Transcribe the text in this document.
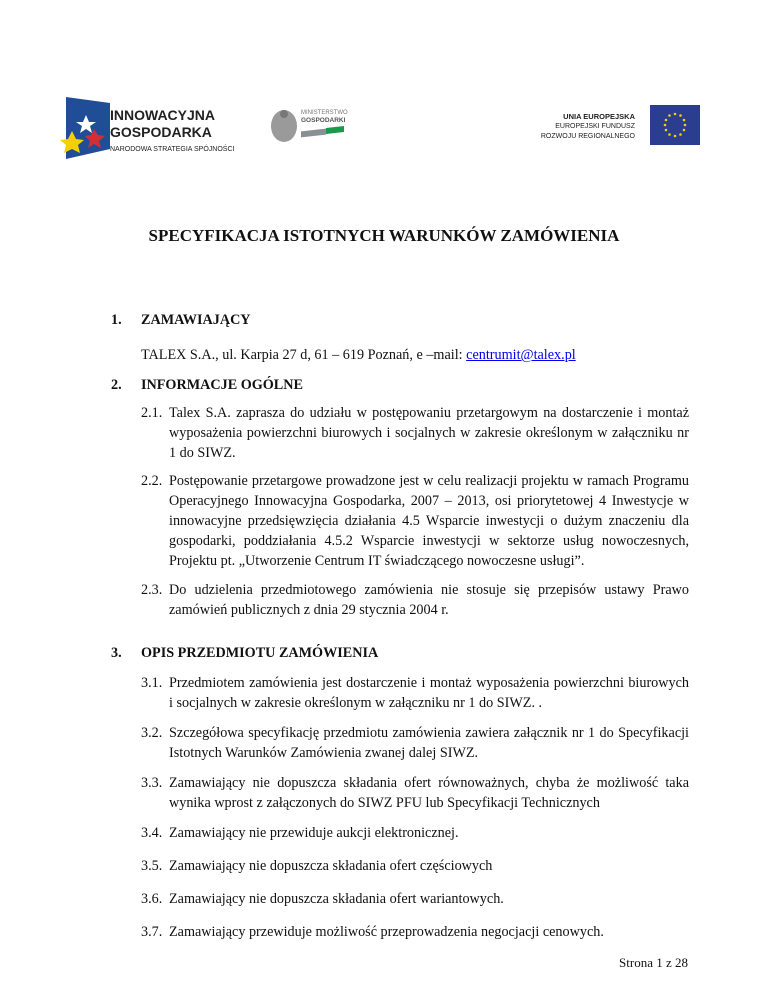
INNOWACYJNA
GOSPODARKA
NARODOWA STRATEGIA SPÓJNOŚCI
MINISTERSTWO
GOSPODARKI	UNIA EUROPEJSKA
EUROPEJSKI FUNDUSZ
ROZWOJU REGIONALNEGO
SPECYFIKACJA ISTOTNYCH WARUNKÓW ZAMÓWIENIA
1. ZAMAWIAJĄCY
TALEX S.A., ul. Karpia 27 d, 61 – 619 Poznań, e –mail: centrumit@talex.pl
2. INFORMACJE OGÓLNE
2.1. Talex S.A. zaprasza do udziału w postępowaniu przetargowym na dostarczenie i montaż wyposażenia powierzchni biurowych i socjalnych w zakresie określonym w załączniku nr 1 do SIWZ.
2.2. Postępowanie przetargowe prowadzone jest w celu realizacji projektu w ramach Programu Operacyjnego Innowacyjna Gospodarka, 2007 – 2013, osi priorytetowej 4 Inwestycje w innowacyjne przedsięwzięcia działania 4.5 Wsparcie inwestycji o dużym znaczeniu dla gospodarki, poddziałania 4.5.2 Wsparcie inwestycji w sektorze usług nowoczesnych, Projektu pt. „Utworzenie Centrum IT świadczącego nowoczesne usługi”.
2.3. Do udzielenia przedmiotowego zamówienia nie stosuje się przepisów ustawy Prawo zamówień publicznych z dnia 29 stycznia 2004 r.
3. OPIS PRZEDMIOTU ZAMÓWIENIA
3.1. Przedmiotem zamówienia jest dostarczenie i montaż wyposażenia powierzchni biurowych i socjalnych w zakresie określonym w załączniku nr 1 do SIWZ. .
3.2. Szczegółowa specyfikację przedmiotu zamówienia zawiera załącznik nr 1 do Specyfikacji Istotnych Warunków Zamówienia zwanej dalej SIWZ.
3.3. Zamawiający nie dopuszcza składania ofert równoważnych, chyba że możliwość taka wynika wprost z załączonych do SIWZ PFU lub Specyfikacji Technicznych
3.4. Zamawiający nie przewiduje aukcji elektronicznej.
3.5. Zamawiający nie dopuszcza składania ofert częściowych
3.6. Zamawiający nie dopuszcza składania ofert wariantowych.
3.7. Zamawiający przewiduje możliwość przeprowadzenia negocjacji cenowych.
Strona 1 z 28
